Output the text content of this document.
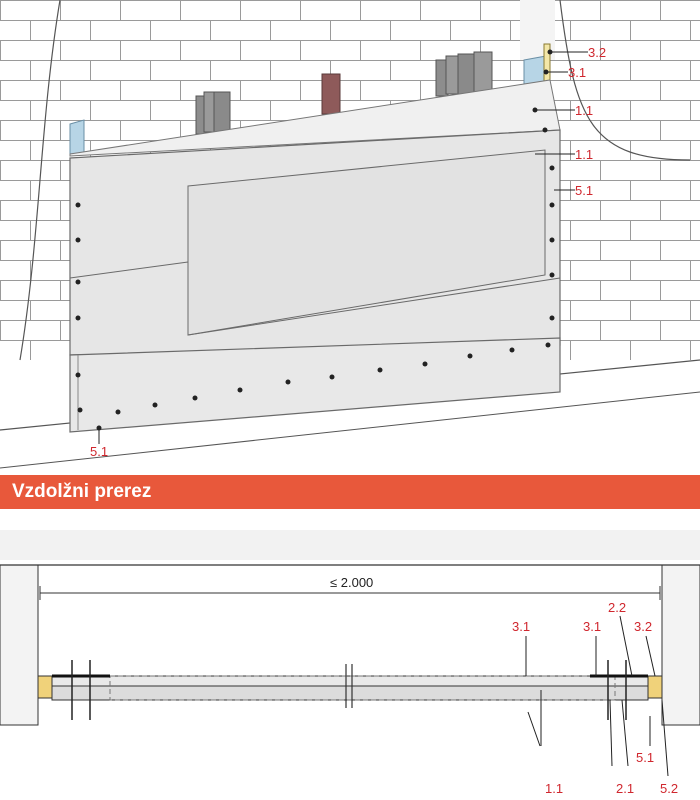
3.2
3.1
1.1
1.1
5.1
5.1
Vzdolžni prerez
≤ 2.000
3.1	3.1
2.2
3.2
1.1	2.1
5.1
5.2
